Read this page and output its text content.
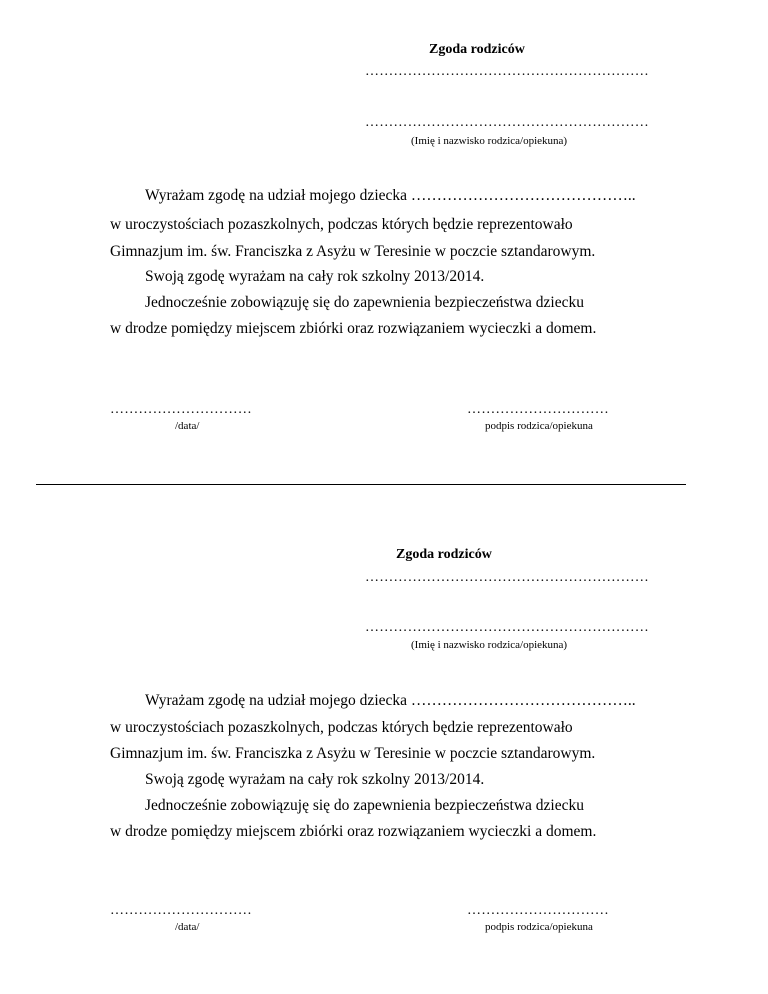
Zgoda rodziców
……………………………………………………
……………………………………………………
(Imię i nazwisko rodzica/opiekuna)
Wyrażam zgodę na udział mojego dziecka ……………………………………..
w uroczystościach pozaszkolnych, podczas których będzie reprezentowało
Gimnazjum im. św. Franciszka z Asyżu w Teresinie w poczcie sztandarowym.
Swoją zgodę wyrażam na cały rok szkolny 2013/2014.
Jednocześnie zobowiązuję się do zapewnienia bezpieczeństwa dziecku
w drodze pomiędzy miejscem zbiórki oraz rozwiązaniem wycieczki a domem.
…………………………
/data/
…………………………
podpis rodzica/opiekuna
Zgoda rodziców
……………………………………………………
……………………………………………………
(Imię i nazwisko rodzica/opiekuna)
Wyrażam zgodę na udział mojego dziecka ……………………………………..
w uroczystościach pozaszkolnych, podczas których będzie reprezentowało
Gimnazjum im. św. Franciszka z Asyżu w Teresinie w poczcie sztandarowym.
Swoją zgodę wyrażam na cały rok szkolny 2013/2014.
Jednocześnie zobowiązuję się do zapewnienia bezpieczeństwa dziecku
w drodze pomiędzy miejscem zbiórki oraz rozwiązaniem wycieczki a domem.
…………………………
/data/
…………………………
podpis rodzica/opiekuna
